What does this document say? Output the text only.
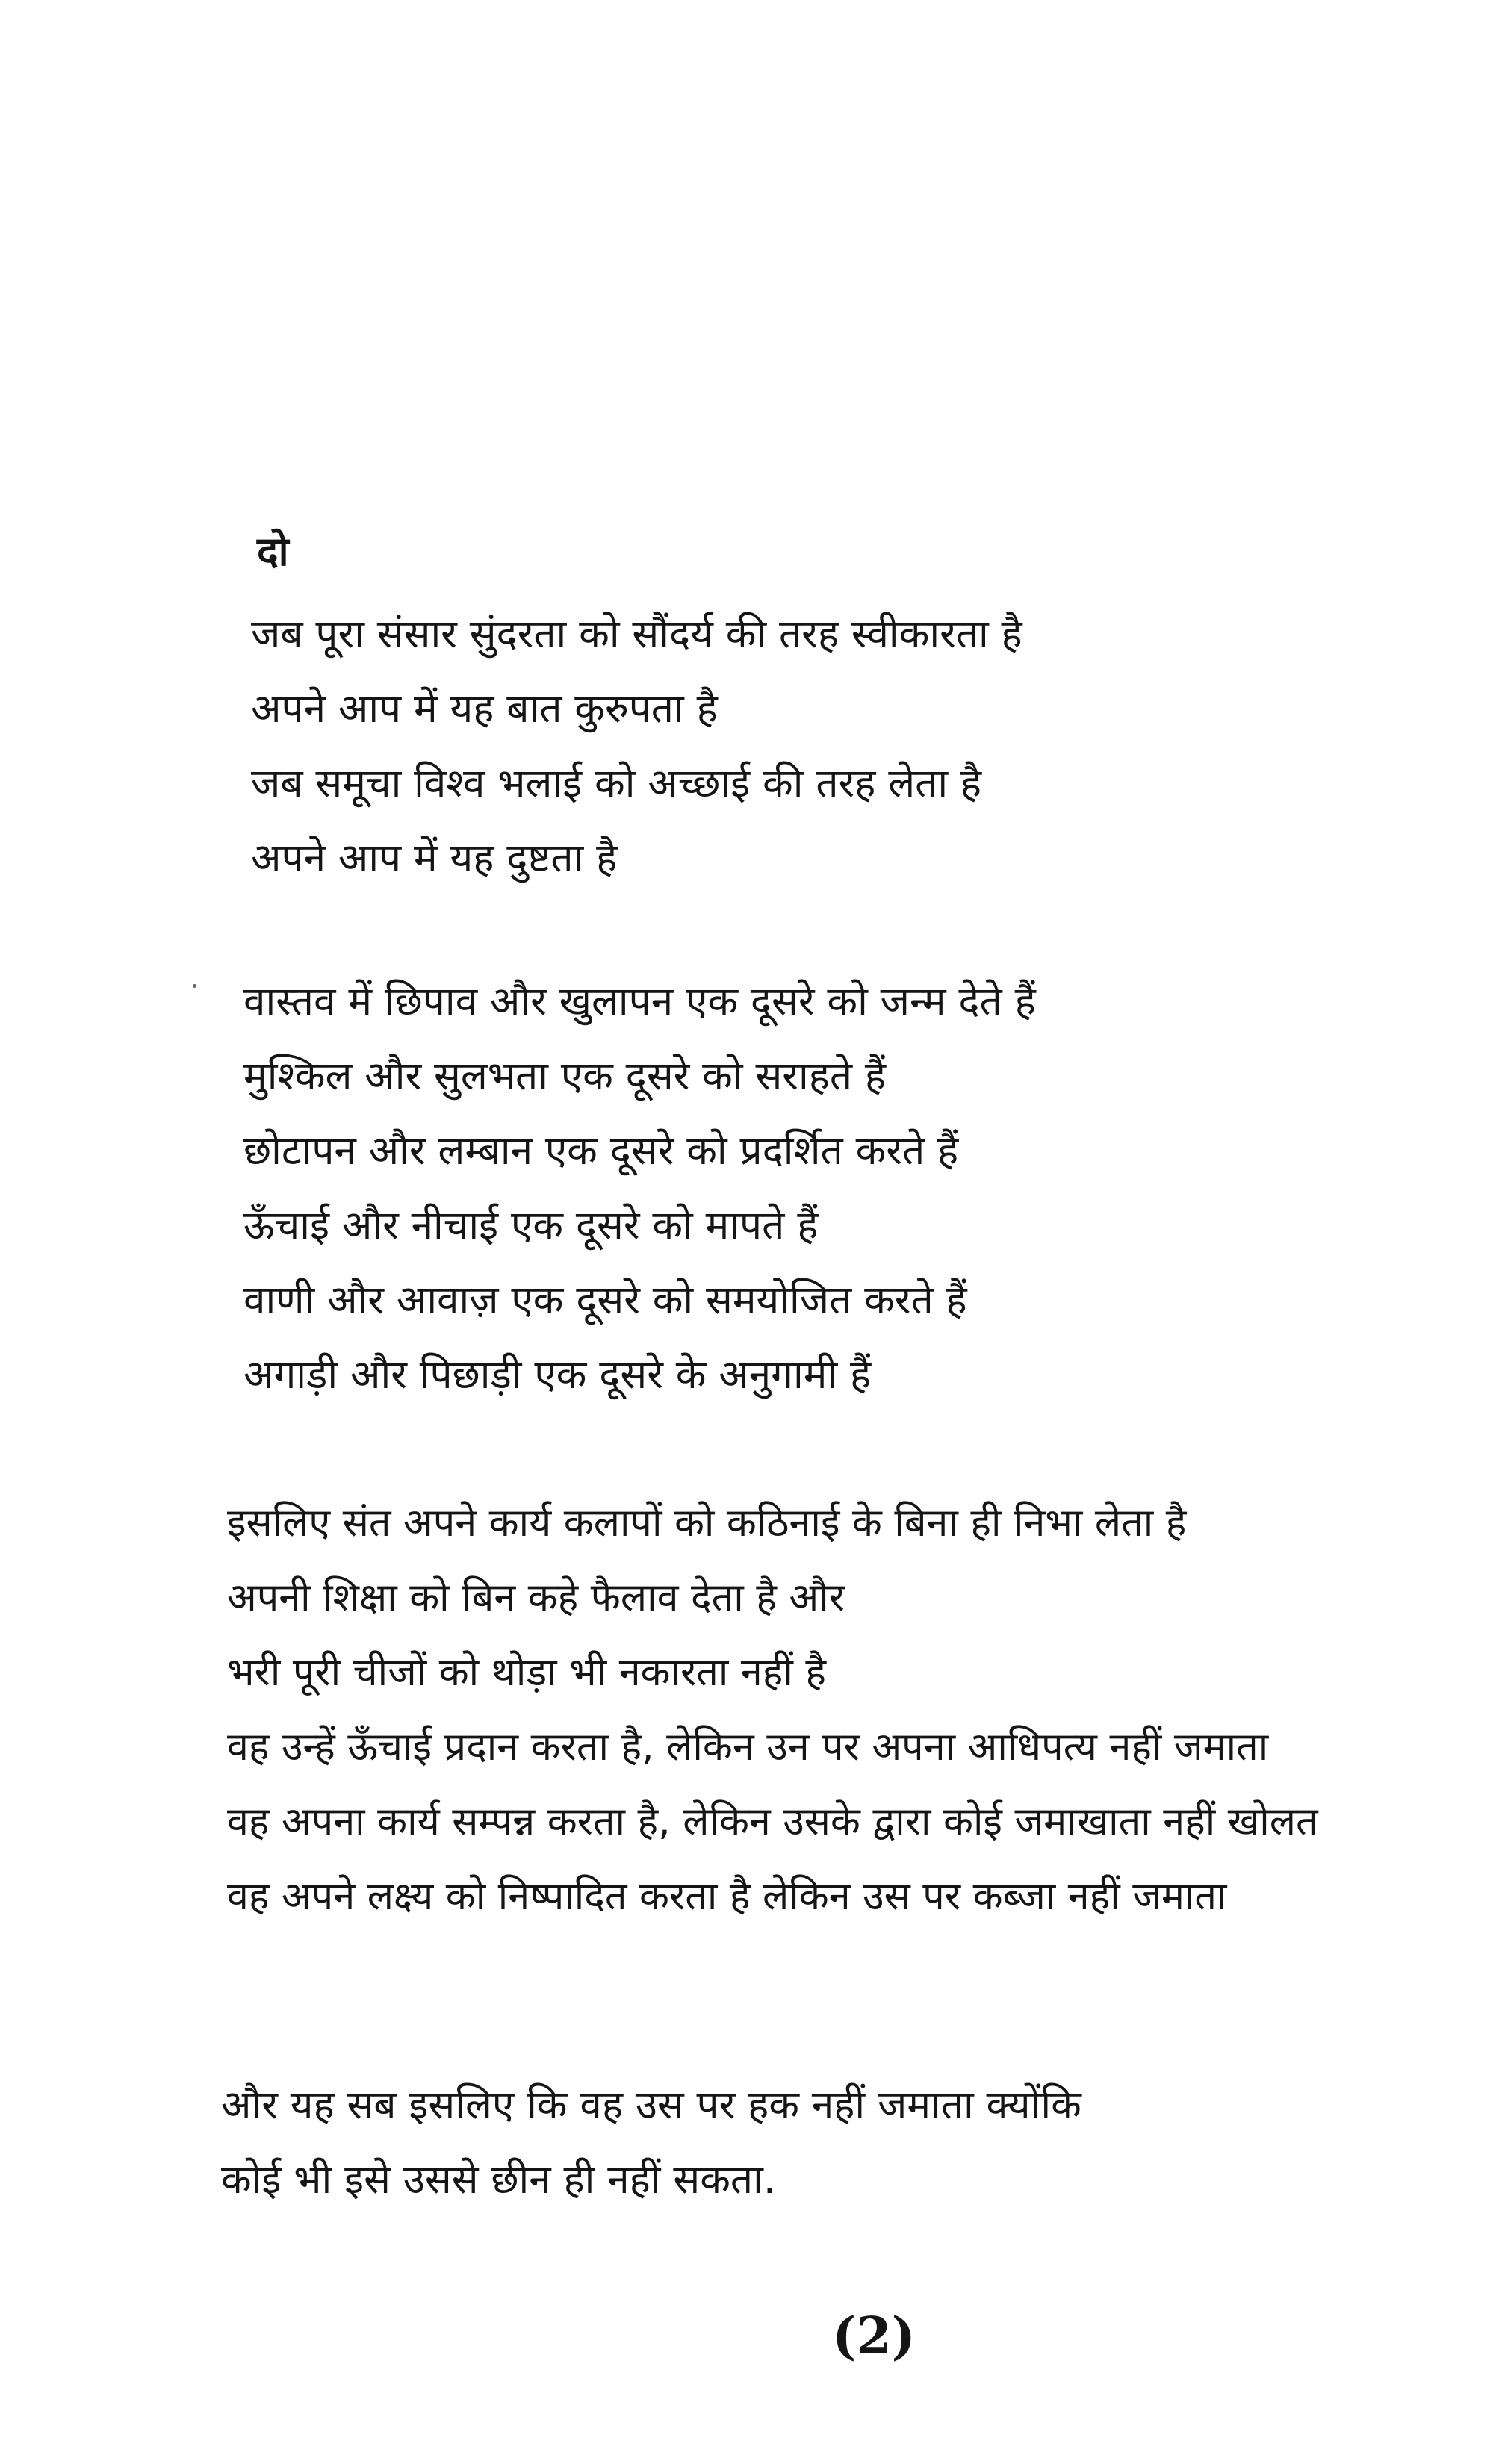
दो
जब पूरा संसार सुंदरता को सौंदर्य की तरह स्वीकारता है
अपने आप में यह बात कुरुपता है
जब समूचा विश्व भलाई को अच्छाई की तरह लेता है
अपने आप में यह दुष्टता है
वास्तव में छिपाव और खुलापन एक दूसरे को जन्म देते हैं
मुश्किल और सुलभता एक दूसरे को सराहते हैं
छोटापन और लम्बान एक दूसरे को प्रदर्शित करते हैं
ऊँचाई और नीचाई एक दूसरे को मापते हैं
वाणी और आवाज़ एक दूसरे को समयोजित करते हैं
अगाड़ी और पिछाड़ी एक दूसरे के अनुगामी हैं
इसलिए संत अपने कार्य कलापों को कठिनाई के बिना ही निभा लेता है
अपनी शिक्षा को बिन कहे फैलाव देता है और
भरी पूरी चीजों को थोड़ा भी नकारता नहीं है
वह उन्हें ऊँचाई प्रदान करता है, लेकिन उन पर अपना आधिपत्य नहीं जमाता
वह अपना कार्य सम्पन्न करता है, लेकिन उसके द्वारा कोई जमाखाता नहीं खोलत
वह अपने लक्ष्य को निष्पादित करता है लेकिन उस पर कब्जा नहीं जमाता
और यह सब इसलिए कि वह उस पर हक नहीं जमाता क्योंकि
कोई भी इसे उससे छीन ही नहीं सकता.

(2)
